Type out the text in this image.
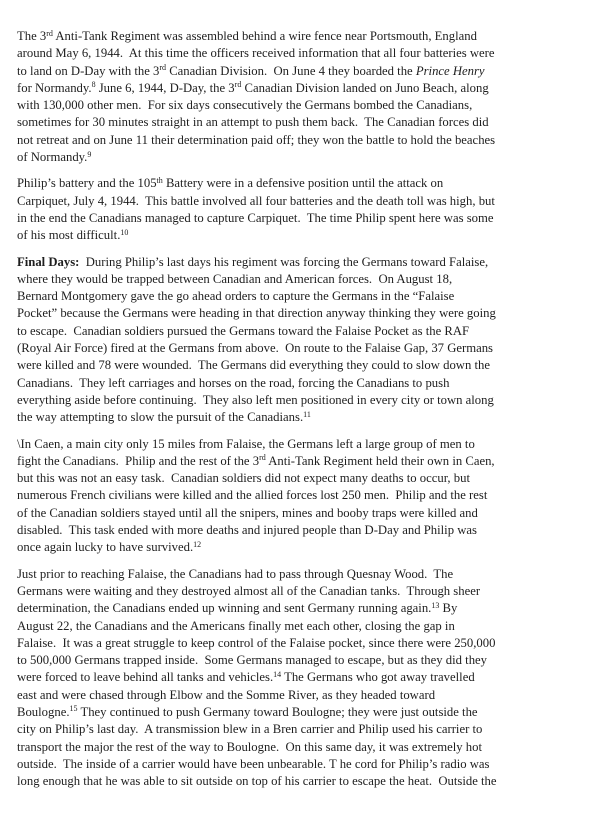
The 3rd Anti-Tank Regiment was assembled behind a wire fence near Portsmouth, England
around May 6, 1944.  At this time the officers received information that all four batteries were
to land on D-Day with the 3rd Canadian Division.  On June 4 they boarded the Prince Henry
for Normandy.$^8$ June 6, 1944, D-Day, the 3rd Canadian Division landed on Juno Beach, along
with 130,000 other men.  For six days consecutively the Germans bombed the Canadians,
sometimes for 30 minutes straight in an attempt to push them back.  The Canadian forces did
not retreat and on June 11 their determination paid off; they won the battle to hold the beaches
of Normandy.$^9$
Philip’s battery and the 105th Battery were in a defensive position until the attack on
Carpiquet, July 4, 1944.  This battle involved all four batteries and the death toll was high, but
in the end the Canadians managed to capture Carpiquet.  The time Philip spent here was some
of his most difficult.$^{10}$
Final Days:  During Philip’s last days his regiment was forcing the Germans toward Falaise,
where they would be trapped between Canadian and American forces.  On August 18,
Bernard Montgomery gave the go ahead orders to capture the Germans in the “Falaise
Pocket” because the Germans were heading in that direction anyway thinking they were going
to escape.  Canadian soldiers pursued the Germans toward the Falaise Pocket as the RAF
(Royal Air Force) fired at the Germans from above.  On route to the Falaise Gap, 37 Germans
were killed and 78 were wounded.  The Germans did everything they could to slow down the
Canadians.  They left carriages and horses on the road, forcing the Canadians to push
everything aside before continuing.  They also left men positioned in every city or town along
the way attempting to slow the pursuit of the Canadians.$^{11}$
\In Caen, a main city only 15 miles from Falaise, the Germans left a large group of men to
fight the Canadians.  Philip and the rest of the 3rd Anti-Tank Regiment held their own in Caen,
but this was not an easy task.  Canadian soldiers did not expect many deaths to occur, but
numerous French civilians were killed and the allied forces lost 250 men.  Philip and the rest
of the Canadian soldiers stayed until all the snipers, mines and booby traps were killed and
disabled.  This task ended with more deaths and injured people than D-Day and Philip was
once again lucky to have survived.$^{12}$
Just prior to reaching Falaise, the Canadians had to pass through Quesnay Wood.  The
Germans were waiting and they destroyed almost all of the Canadian tanks.  Through sheer
determination, the Canadians ended up winning and sent Germany running again.$^{13}$ By
August 22, the Canadians and the Americans finally met each other, closing the gap in
Falaise.  It was a great struggle to keep control of the Falaise pocket, since there were 250,000
to 500,000 Germans trapped inside.  Some Germans managed to escape, but as they did they
were forced to leave behind all tanks and vehicles.$^{14}$ The Germans who got away travelled
east and were chased through Elbow and the Somme River, as they headed toward
Boulogne.$^{15}$ They continued to push Germany toward Boulogne; they were just outside the
city on Philip’s last day.  A transmission blew in a Bren carrier and Philip used his carrier to
transport the major the rest of the way to Boulogne.  On this same day, it was extremely hot
outside.  The inside of a carrier would have been unbearable. T he cord for Philip’s radio was
long enough that he was able to sit outside on top of his carrier to escape the heat.  Outside the
